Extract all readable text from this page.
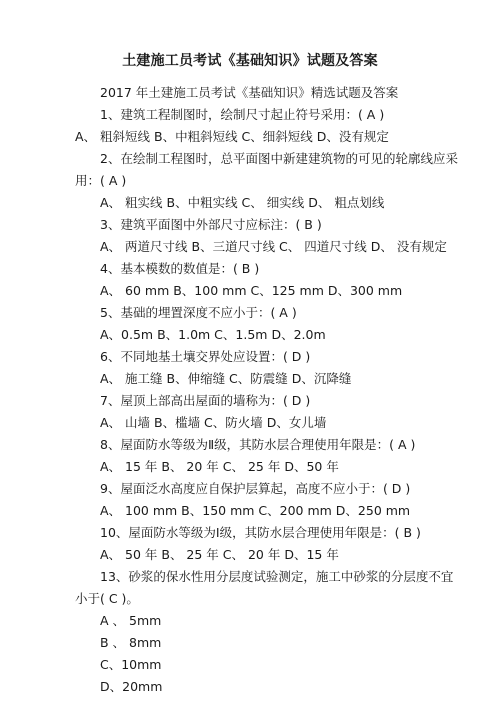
土建施工员考试《基础知识》试题及答案
2017 年土建施工员考试《基础知识》精选试题及答案
1、建筑工程制图时，绘制尺寸起止符号采用：( A )
A、 粗斜短线 B、中粗斜短线 C、细斜短线 D、没有规定
2、在绘制工程图时，总平面图中新建建筑物的可见的轮廓线应采
用：( A )
A、 粗实线 B、中粗实线 C、 细实线 D、 粗点划线
3、建筑平面图中外部尺寸应标注：( B )
A、 两道尺寸线 B、三道尺寸线 C、 四道尺寸线 D、 没有规定
4、基本模数的数值是：( B )
A、 60 mm B、100 mm C、125 mm D、300 mm
5、基础的埋置深度不应小于：( A )
A、0.5m B、1.0m C、1.5m D、2.0m
6、不同地基土壤交界处应设置：( D )
A、 施工缝 B、伸缩缝 C、防震缝 D、沉降缝
7、屋顶上部高出屋面的墙称为：( D )
A、 山墙 B、槛墙 C、防火墙 D、女儿墙
8、屋面防水等级为Ⅱ级，其防水层合理使用年限是：( A )
A、 15 年 B、 20 年 C、 25 年 D、50 年
9、屋面泛水高度应自保护层算起，高度不应小于：( D )
A、 100 mm B、150 mm C、200 mm D、250 mm
10、屋面防水等级为Ⅰ级，其防水层合理使用年限是：( B )
A、 50 年 B、 25 年 C、 20 年 D、15 年
13、砂浆的保水性用分层度试验测定，施工中砂浆的分层度不宜
小于( C )。
A 、 5mm
B 、 8mm
C、10mm
D、20mm
